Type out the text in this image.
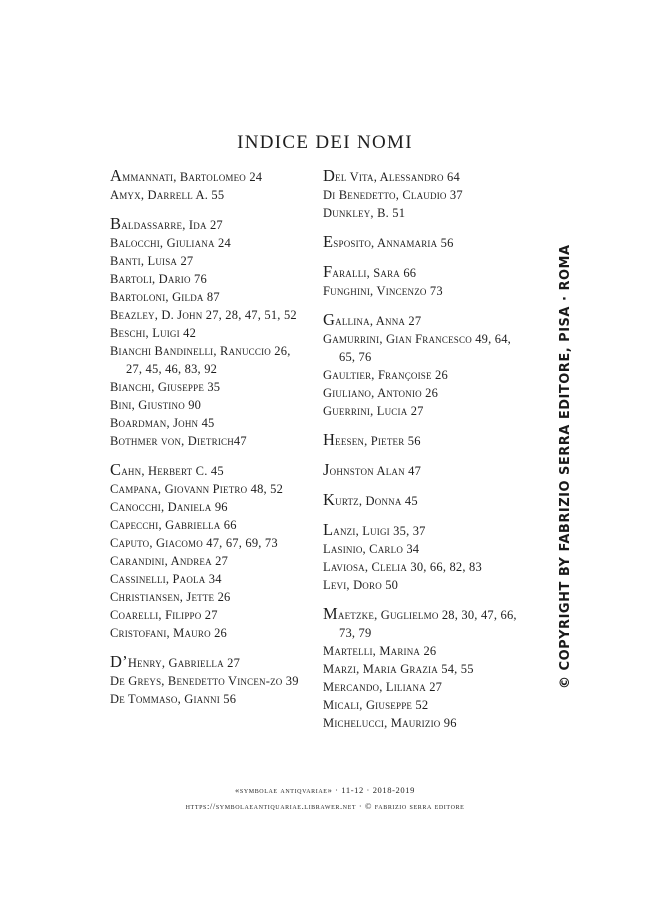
INDICE DEI NOMI
Ammannati, Bartolomeo 24
Amyx, Darrell A. 55
Baldassarre, Ida 27
Balocchi, Giuliana 24
Banti, Luisa 27
Bartoli, Dario 76
Bartoloni, Gilda 87
Beazley, D. John 27, 28, 47, 51, 52
Beschi, Luigi 42
Bianchi Bandinelli, Ranuccio 26, 27, 45, 46, 83, 92
Bianchi, Giuseppe 35
Bini, Giustino 90
Boardman, John 45
Bothmer von, Dietrich47
Cahn, Herbert C. 45
Campana, Giovann Pietro 48, 52
Canocchi, Daniela 96
Capecchi, Gabriella 66
Caputo, Giacomo 47, 67, 69, 73
Carandini, Andrea 27
Cassinelli, Paola 34
Christiansen, Jette 26
Coarelli, Filippo 27
Cristofani, Mauro 26
D’Henry, Gabriella 27
De Greys, Benedetto Vincen-zo 39
De Tommaso, Gianni 56
Del Vita, Alessandro 64
Di Benedetto, Claudio 37
Dunkley, B. 51
Esposito, Annamaria 56
Faralli, Sara 66
Funghini, Vincenzo 73
Gallina, Anna 27
Gamurrini, Gian Francesco 49, 64, 65, 76
Gaultier, Françoise 26
Giuliano, Antonio 26
Guerrini, Lucia 27
Heesen, Pieter 56
Johnston Alan 47
Kurtz, Donna 45
Lanzi, Luigi 35, 37
Lasinio, Carlo 34
Laviosa, Clelia 30, 66, 82, 83
Levi, Doro 50
Maetzke, Guglielmo 28, 30, 47, 66, 73, 79
Martelli, Marina 26
Marzi, Maria Grazia 54, 55
Mercando, Liliana 27
Micali, Giuseppe 52
Michelucci, Maurizio 96
«symbolae antiqvariae» · 11-12 · 2018-2019
https://symbolaeantiquariae.librawer.net · © fabrizio serra editore
© COPYRIGHT BY FABRIZIO SERRA EDITORE, PISA · ROMA
